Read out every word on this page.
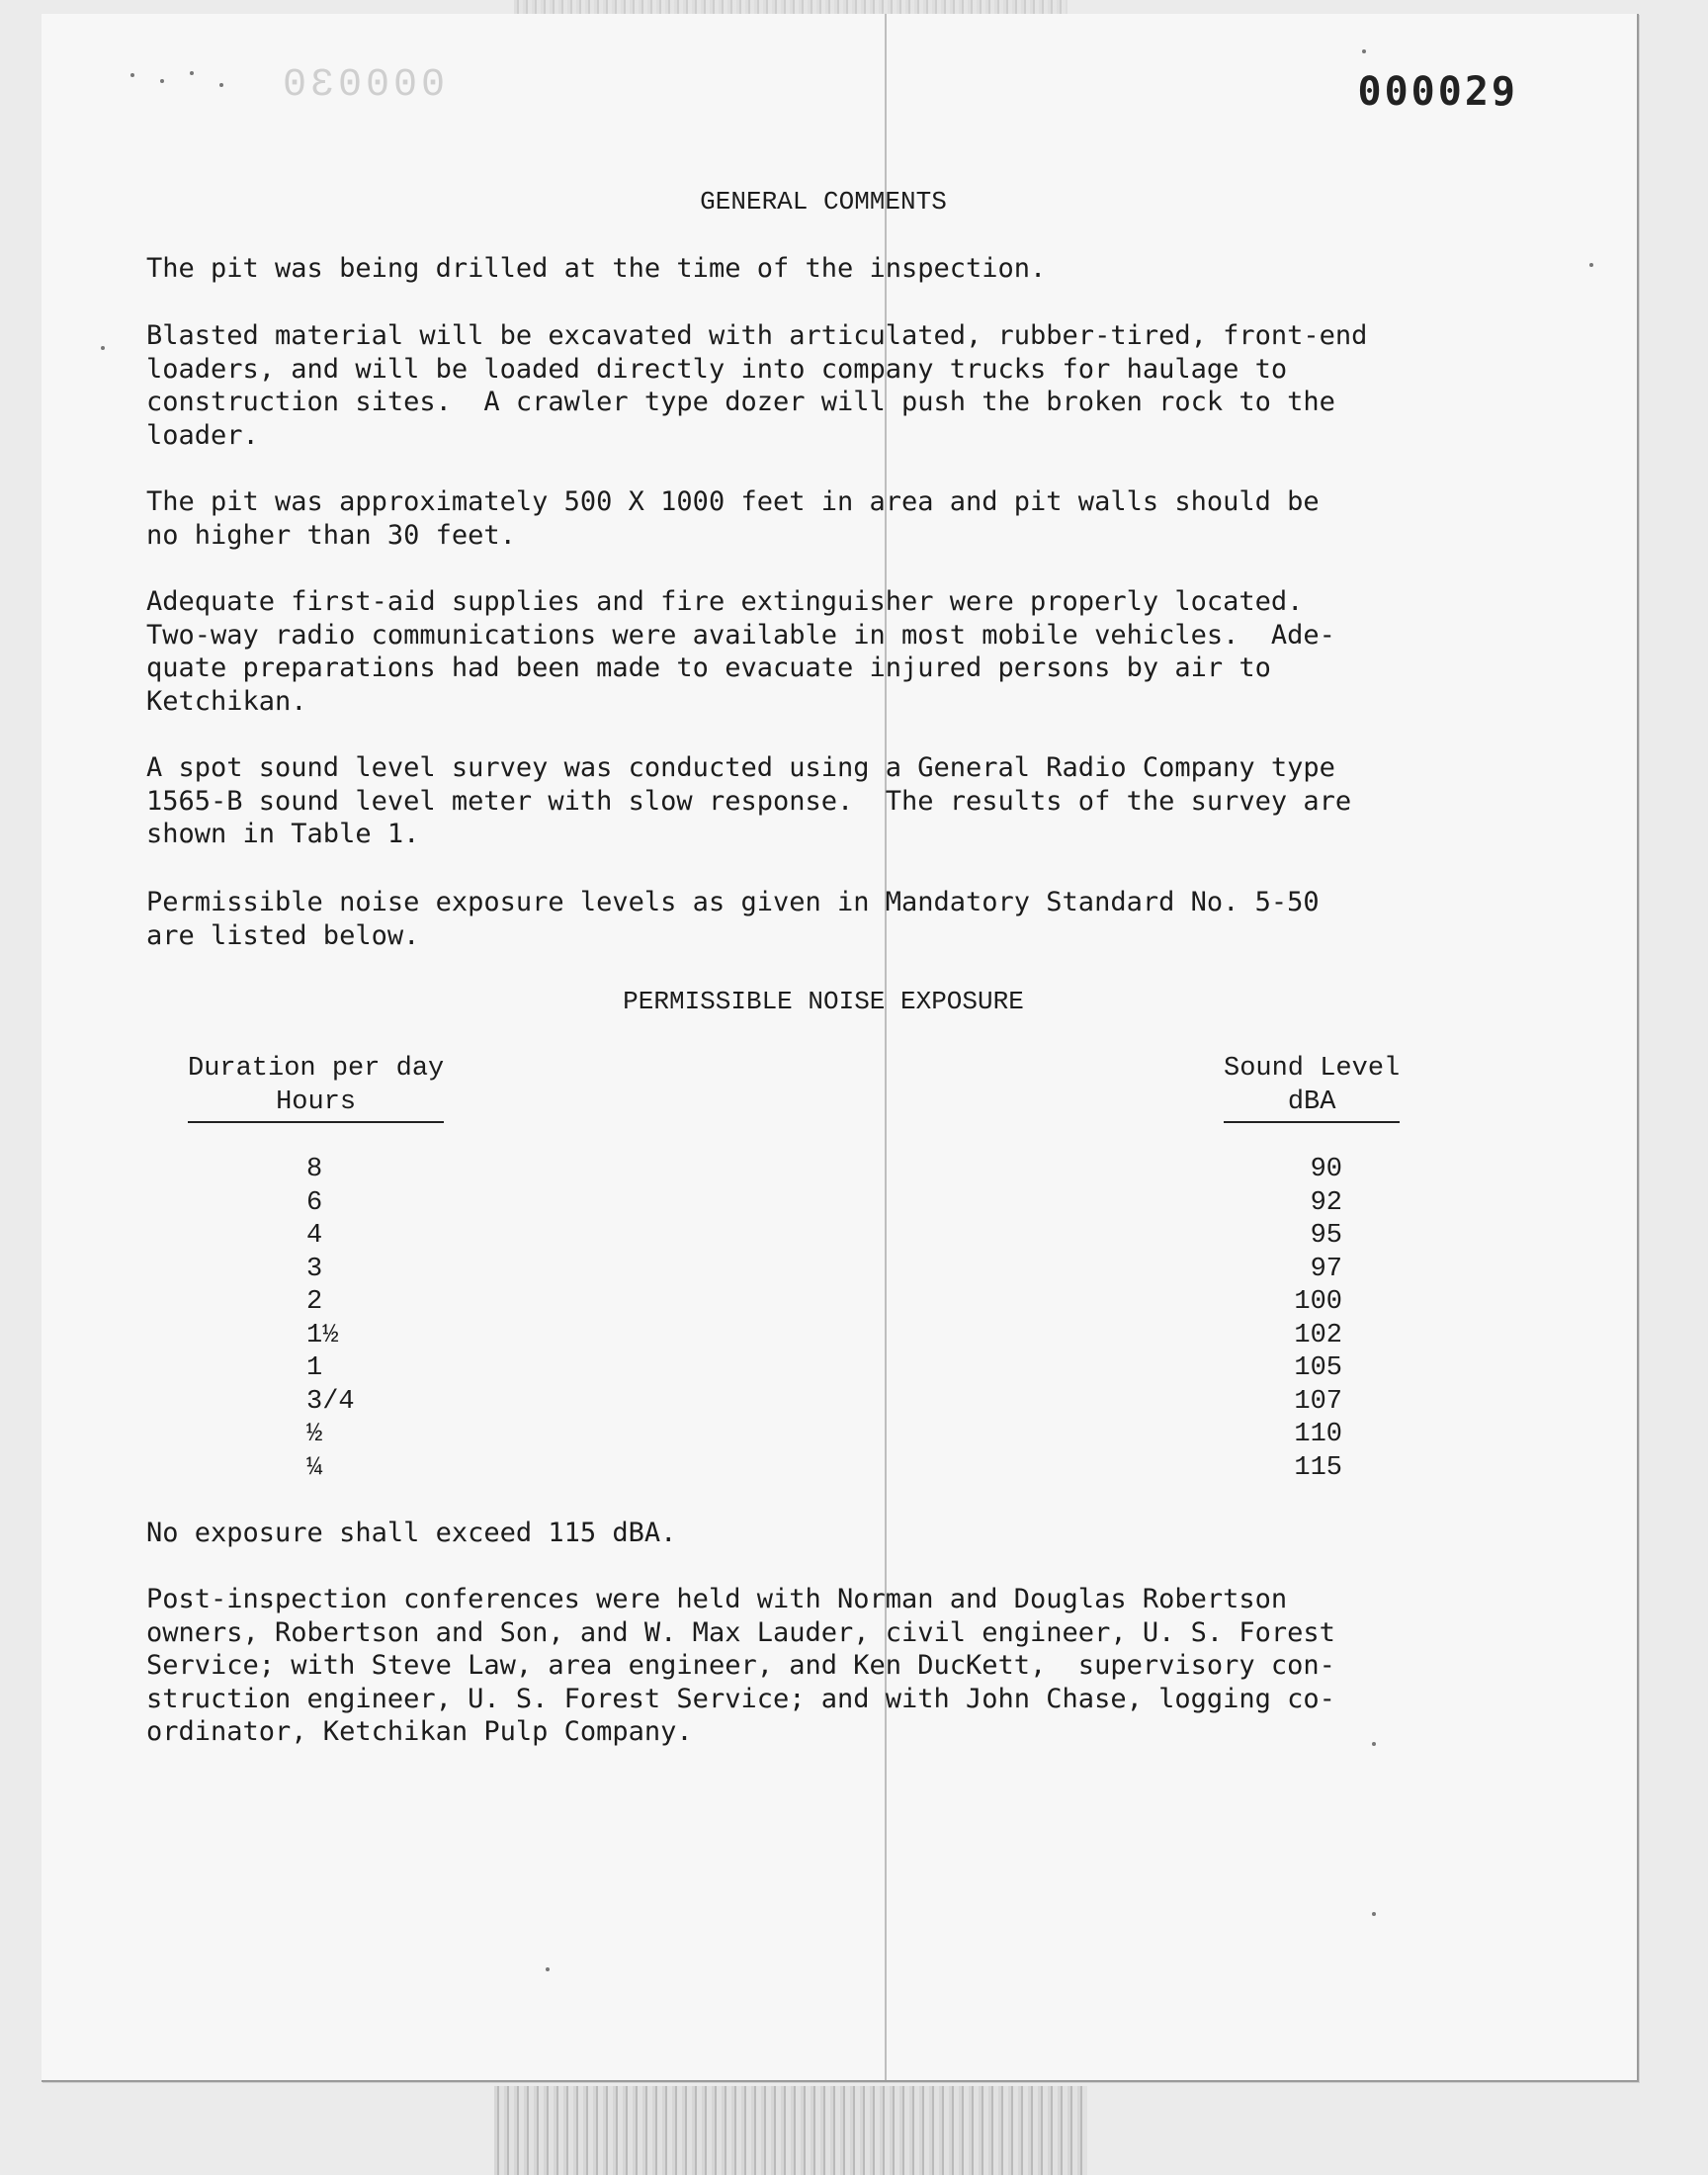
000030	000029
GENERAL COMMENTS
The pit was being drilled at the time of the inspection.
Blasted material will be excavated with articulated, rubber-tired, front-end
loaders, and will be loaded directly into company trucks for haulage to
construction sites.  A crawler type dozer will push the broken rock to the
loader.
The pit was approximately 500 X 1000 feet in area and pit walls should be
no higher than 30 feet.
Adequate first-aid supplies and fire extinguisher were properly located.
Two-way radio communications were available in most mobile vehicles.  Ade-
quate preparations had been made to evacuate injured persons by air to
Ketchikan.
A spot sound level survey was conducted using a General Radio Company type
1565-B sound level meter with slow response.  The results of the survey are
shown in Table 1.
Permissible noise exposure levels as given in Mandatory Standard No. 5-50
are listed below.
PERMISSIBLE NOISE EXPOSURE
Duration per day
Hours
Sound Level
dBA
8
6
4
3
2
1½
1
3/4
½
¼
90
92
95
97
100
102
105
107
110
115
No exposure shall exceed 115 dBA.
Post-inspection conferences were held with Norman and Douglas Robertson
owners, Robertson and Son, and W. Max Lauder, civil engineer, U. S. Forest
Service; with Steve Law, area engineer, and Ken DucKett,  supervisory con-
struction engineer, U. S. Forest Service; and with John Chase, logging co-
ordinator, Ketchikan Pulp Company.
